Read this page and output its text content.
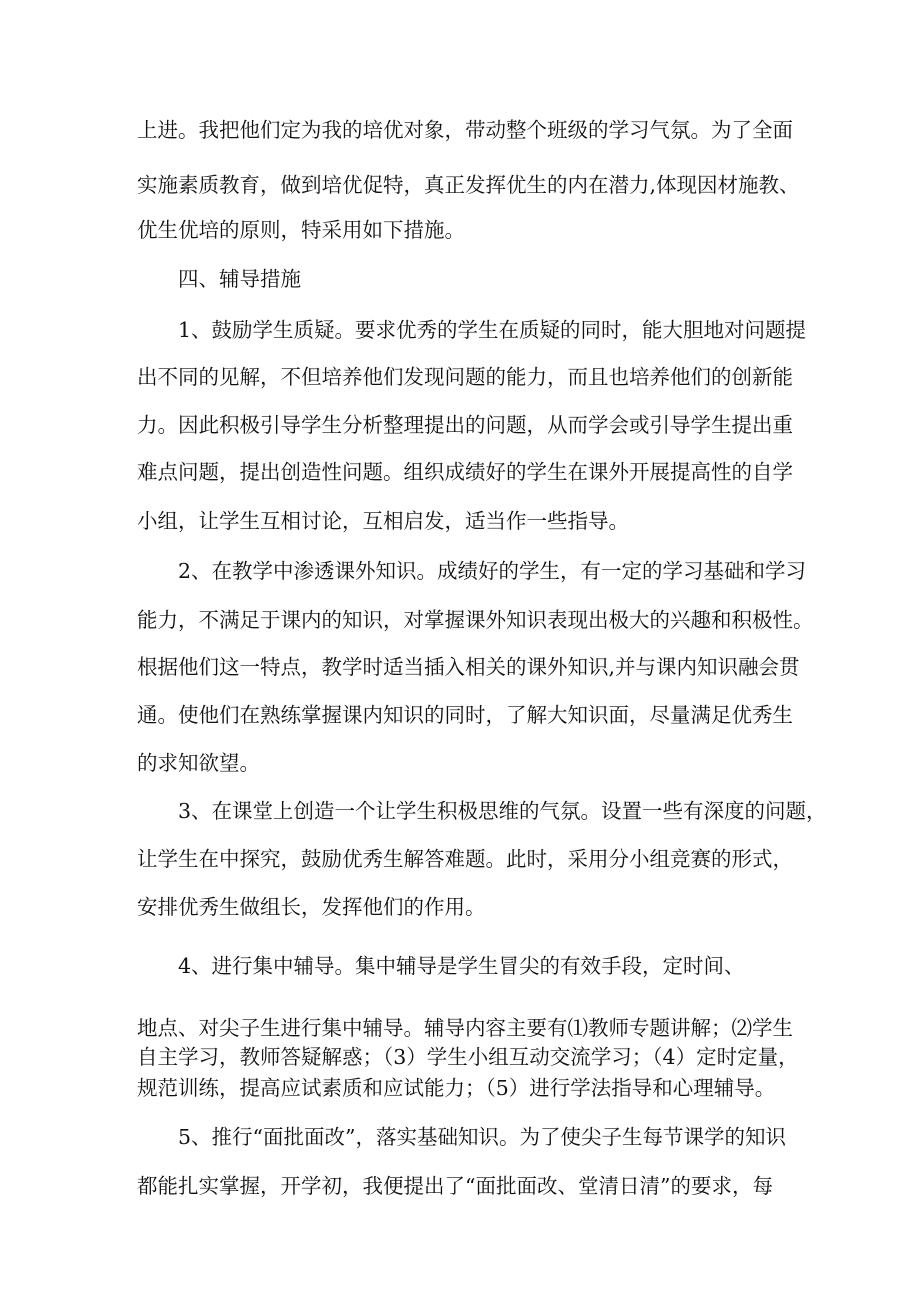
上进。我把他们定为我的培优对象，带动整个班级的学习气氛。为了全面

实施素质教育，做到培优促特，真正发挥优生的内在潜力,体现因材施教、

优生优培的原则，特采用如下措施。

四、辅导措施

1、鼓励学生质疑。要求优秀的学生在质疑的同时，能大胆地对问题提

出不同的见解，不但培养他们发现问题的能力，而且也培养他们的创新能

力。因此积极引导学生分析整理提出的问题，从而学会或引导学生提出重

难点问题，提出创造性问题。组织成绩好的学生在课外开展提高性的自学

小组，让学生互相讨论，互相启发，适当作一些指导。

2、在教学中渗透课外知识。成绩好的学生，有一定的学习基础和学习

能力，不满足于课内的知识，对掌握课外知识表现出极大的兴趣和积极性。

根据他们这一特点，教学时适当插入相关的课外知识,并与课内知识融会贯

通。使他们在熟练掌握课内知识的同时，了解大知识面，尽量满足优秀生

的求知欲望。

3、在课堂上创造一个让学生积极思维的气氛。设置一些有深度的问题，

让学生在中探究，鼓励优秀生解答难题。此时，采用分小组竞赛的形式，

安排优秀生做组长，发挥他们的作用。

4、进行集中辅导。集中辅导是学生冒尖的有效手段，定时间、

地点、对尖子生进行集中辅导。辅导内容主要有⑴教师专题讲解；⑵学生

自主学习，教师答疑解惑；（3）学生小组互动交流学习；（4）定时定量，

规范训练，提高应试素质和应试能力；（5）进行学法指导和心理辅导。

5、推行“面批面改”，落实基础知识。为了使尖子生每节课学的知识

都能扎实掌握，开学初，我便提出了“面批面改、堂清日清”的要求，每
